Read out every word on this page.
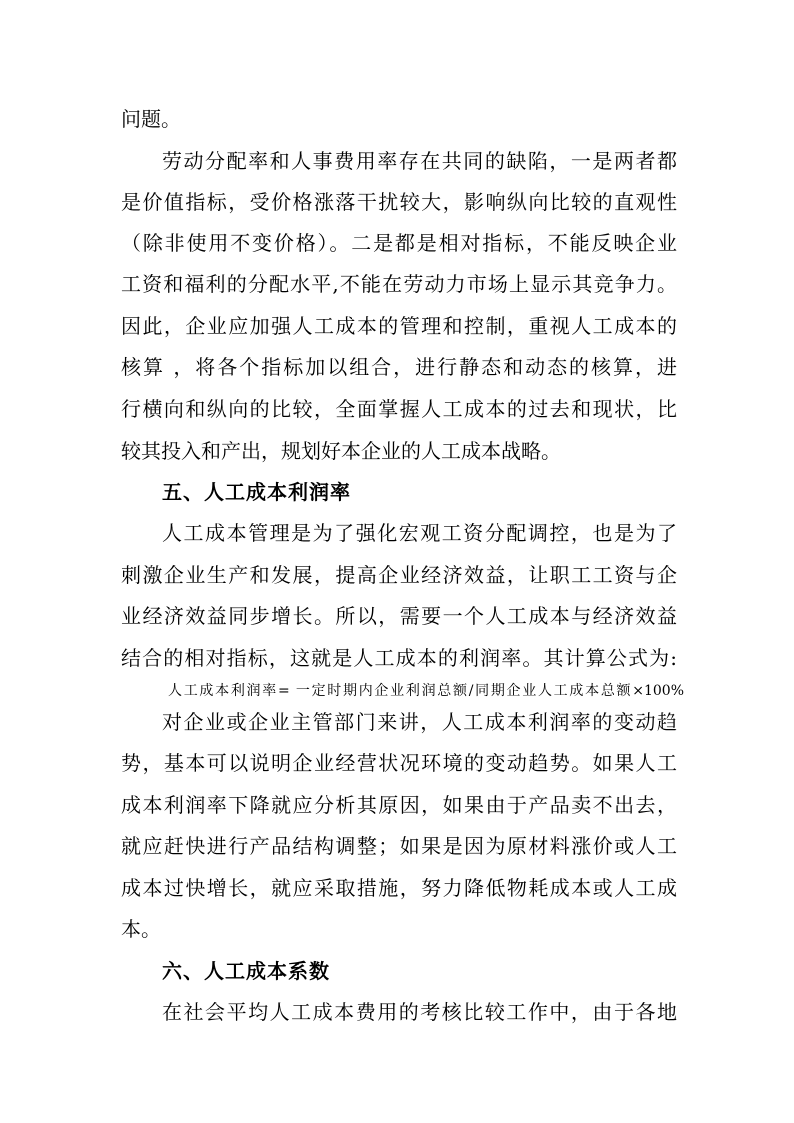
问题。
劳动分配率和人事费用率存在共同的缺陷，一是两者都
是价值指标，受价格涨落干扰较大，影响纵向比较的直观性
（除非使用不变价格）。二是都是相对指标，不能反映企业
工资和福利的分配水平,不能在劳动力市场上显示其竞争力。
因此，企业应加强人工成本的管理和控制，重视人工成本的
核算 ，将各个指标加以组合，进行静态和动态的核算，进
行横向和纵向的比较，全面掌握人工成本的过去和现状，比
较其投入和产出，规划好本企业的人工成本战略。
五、人工成本利润率
人工成本管理是为了强化宏观工资分配调控，也是为了
刺激企业生产和发展，提高企业经济效益，让职工工资与企
业经济效益同步增长。所以，需要一个人工成本与经济效益
结合的相对指标，这就是人工成本的利润率。其计算公式为:
人工成本利润率= 一定时期内企业利润总额/同期企业人工成本总额×100%
对企业或企业主管部门来讲，人工成本利润率的变动趋
势，基本可以说明企业经营状况环境的变动趋势。如果人工
成本利润率下降就应分析其原因，如果由于产品卖不出去，
就应赶快进行产品结构调整；如果是因为原材料涨价或人工
成本过快增长，就应采取措施，努力降低物耗成本或人工成
本。
六、人工成本系数
在社会平均人工成本费用的考核比较工作中，由于各地
